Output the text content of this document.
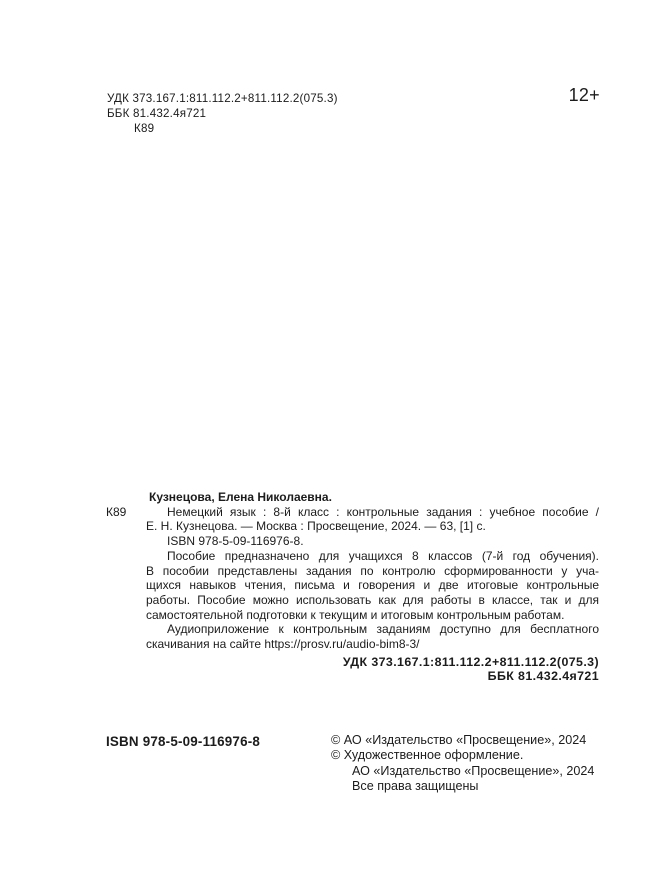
УДК 373.167.1:811.112.2+811.112.2(075.3)
ББК 81.432.4я721
К89
12+
К89
Кузнецова, Елена Николаевна.
Немецкий язык : 8-й класс : контрольные задания : учебное пособие /
Е. Н. Кузнецова. — Москва : Просвещение, 2024. — 63, [1] с.
ISBN 978-5-09-116976-8.
Пособие предназначено для учащихся 8 классов (7-й год обучения).
В пособии представлены задания по контролю сформированности у уча-
щихся навыков чтения, письма и говорения и две итоговые контрольные
работы. Пособие можно использовать как для работы в классе, так и для
самостоятельной подготовки к текущим и итоговым контрольным работам.
Аудиоприложение к контрольным заданиям доступно для бесплатного
скачивания на сайте https://prosv.ru/audio-bim8-3/
УДК 373.167.1:811.112.2+811.112.2(075.3)
ББК 81.432.4я721
ISBN 978-5-09-116976-8	© АО «Издательство «Просвещение», 2024
© Художественное оформление.
АО «Издательство «Просвещение», 2024
Все права защищены
